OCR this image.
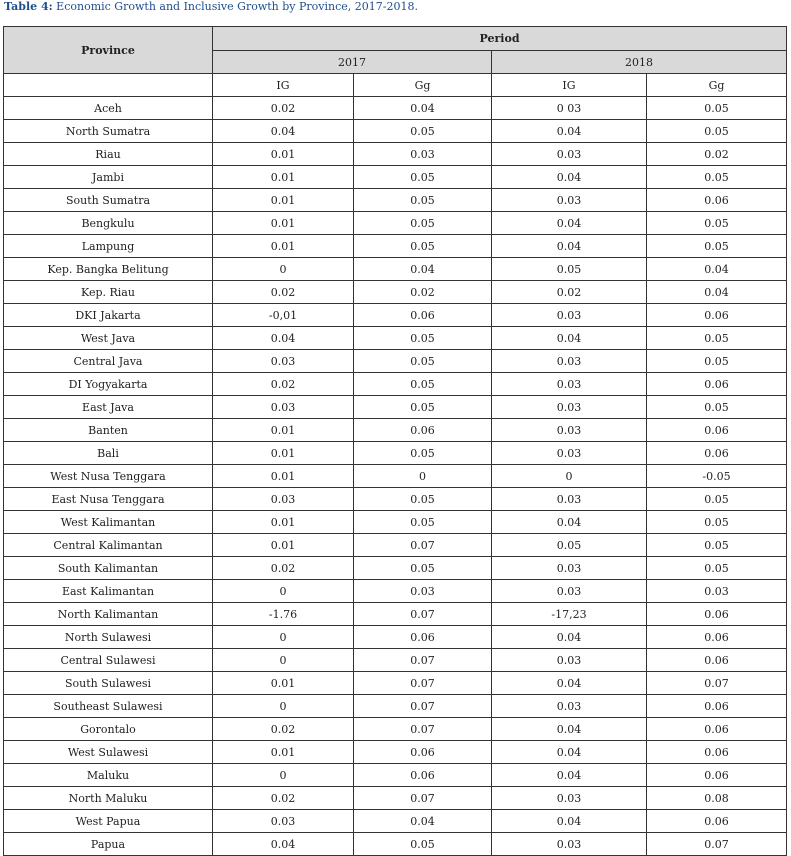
Table 4: Economic Growth and Inclusive Growth by Province, 2017-2018.
Province	Period			
	2017		2018	
	IG	Gg	IG	Gg
Aceh	0.02	0.04	0 03	0.05
North Sumatra	0.04	0.05	0.04	0.05
Riau	0.01	0.03	0.03	0.02
Jambi	0.01	0.05	0.04	0.05
South Sumatra	0.01	0.05	0.03	0.06
Bengkulu	0.01	0.05	0.04	0.05
Lampung	0.01	0.05	0.04	0.05
Kep. Bangka Belitung	0	0.04	0.05	0.04
Kep. Riau	0.02	0.02	0.02	0.04
DKI Jakarta	-0,01	0.06	0.03	0.06
West Java	0.04	0.05	0.04	0.05
Central Java	0.03	0.05	0.03	0.05
DI Yogyakarta	0.02	0.05	0.03	0.06
East Java	0.03	0.05	0.03	0.05
Banten	0.01	0.06	0.03	0.06
Bali	0.01	0.05	0.03	0.06
West Nusa Tenggara	0.01	0	0	-0.05
East Nusa Tenggara	0.03	0.05	0.03	0.05
West Kalimantan	0.01	0.05	0.04	0.05
Central Kalimantan	0.01	0.07	0.05	0.05
South Kalimantan	0.02	0.05	0.03	0.05
East Kalimantan	0	0.03	0.03	0.03
North Kalimantan	-1.76	0.07	-17,23	0.06
North Sulawesi	0	0.06	0.04	0.06
Central Sulawesi	0	0.07	0.03	0.06
South Sulawesi	0.01	0.07	0.04	0.07
Southeast Sulawesi	0	0.07	0.03	0.06
Gorontalo	0.02	0.07	0.04	0.06
West Sulawesi	0.01	0.06	0.04	0.06
Maluku	0	0.06	0.04	0.06
North Maluku	0.02	0.07	0.03	0.08
West Papua	0.03	0.04	0.04	0.06
Papua	0.04	0.05	0.03	0.07
